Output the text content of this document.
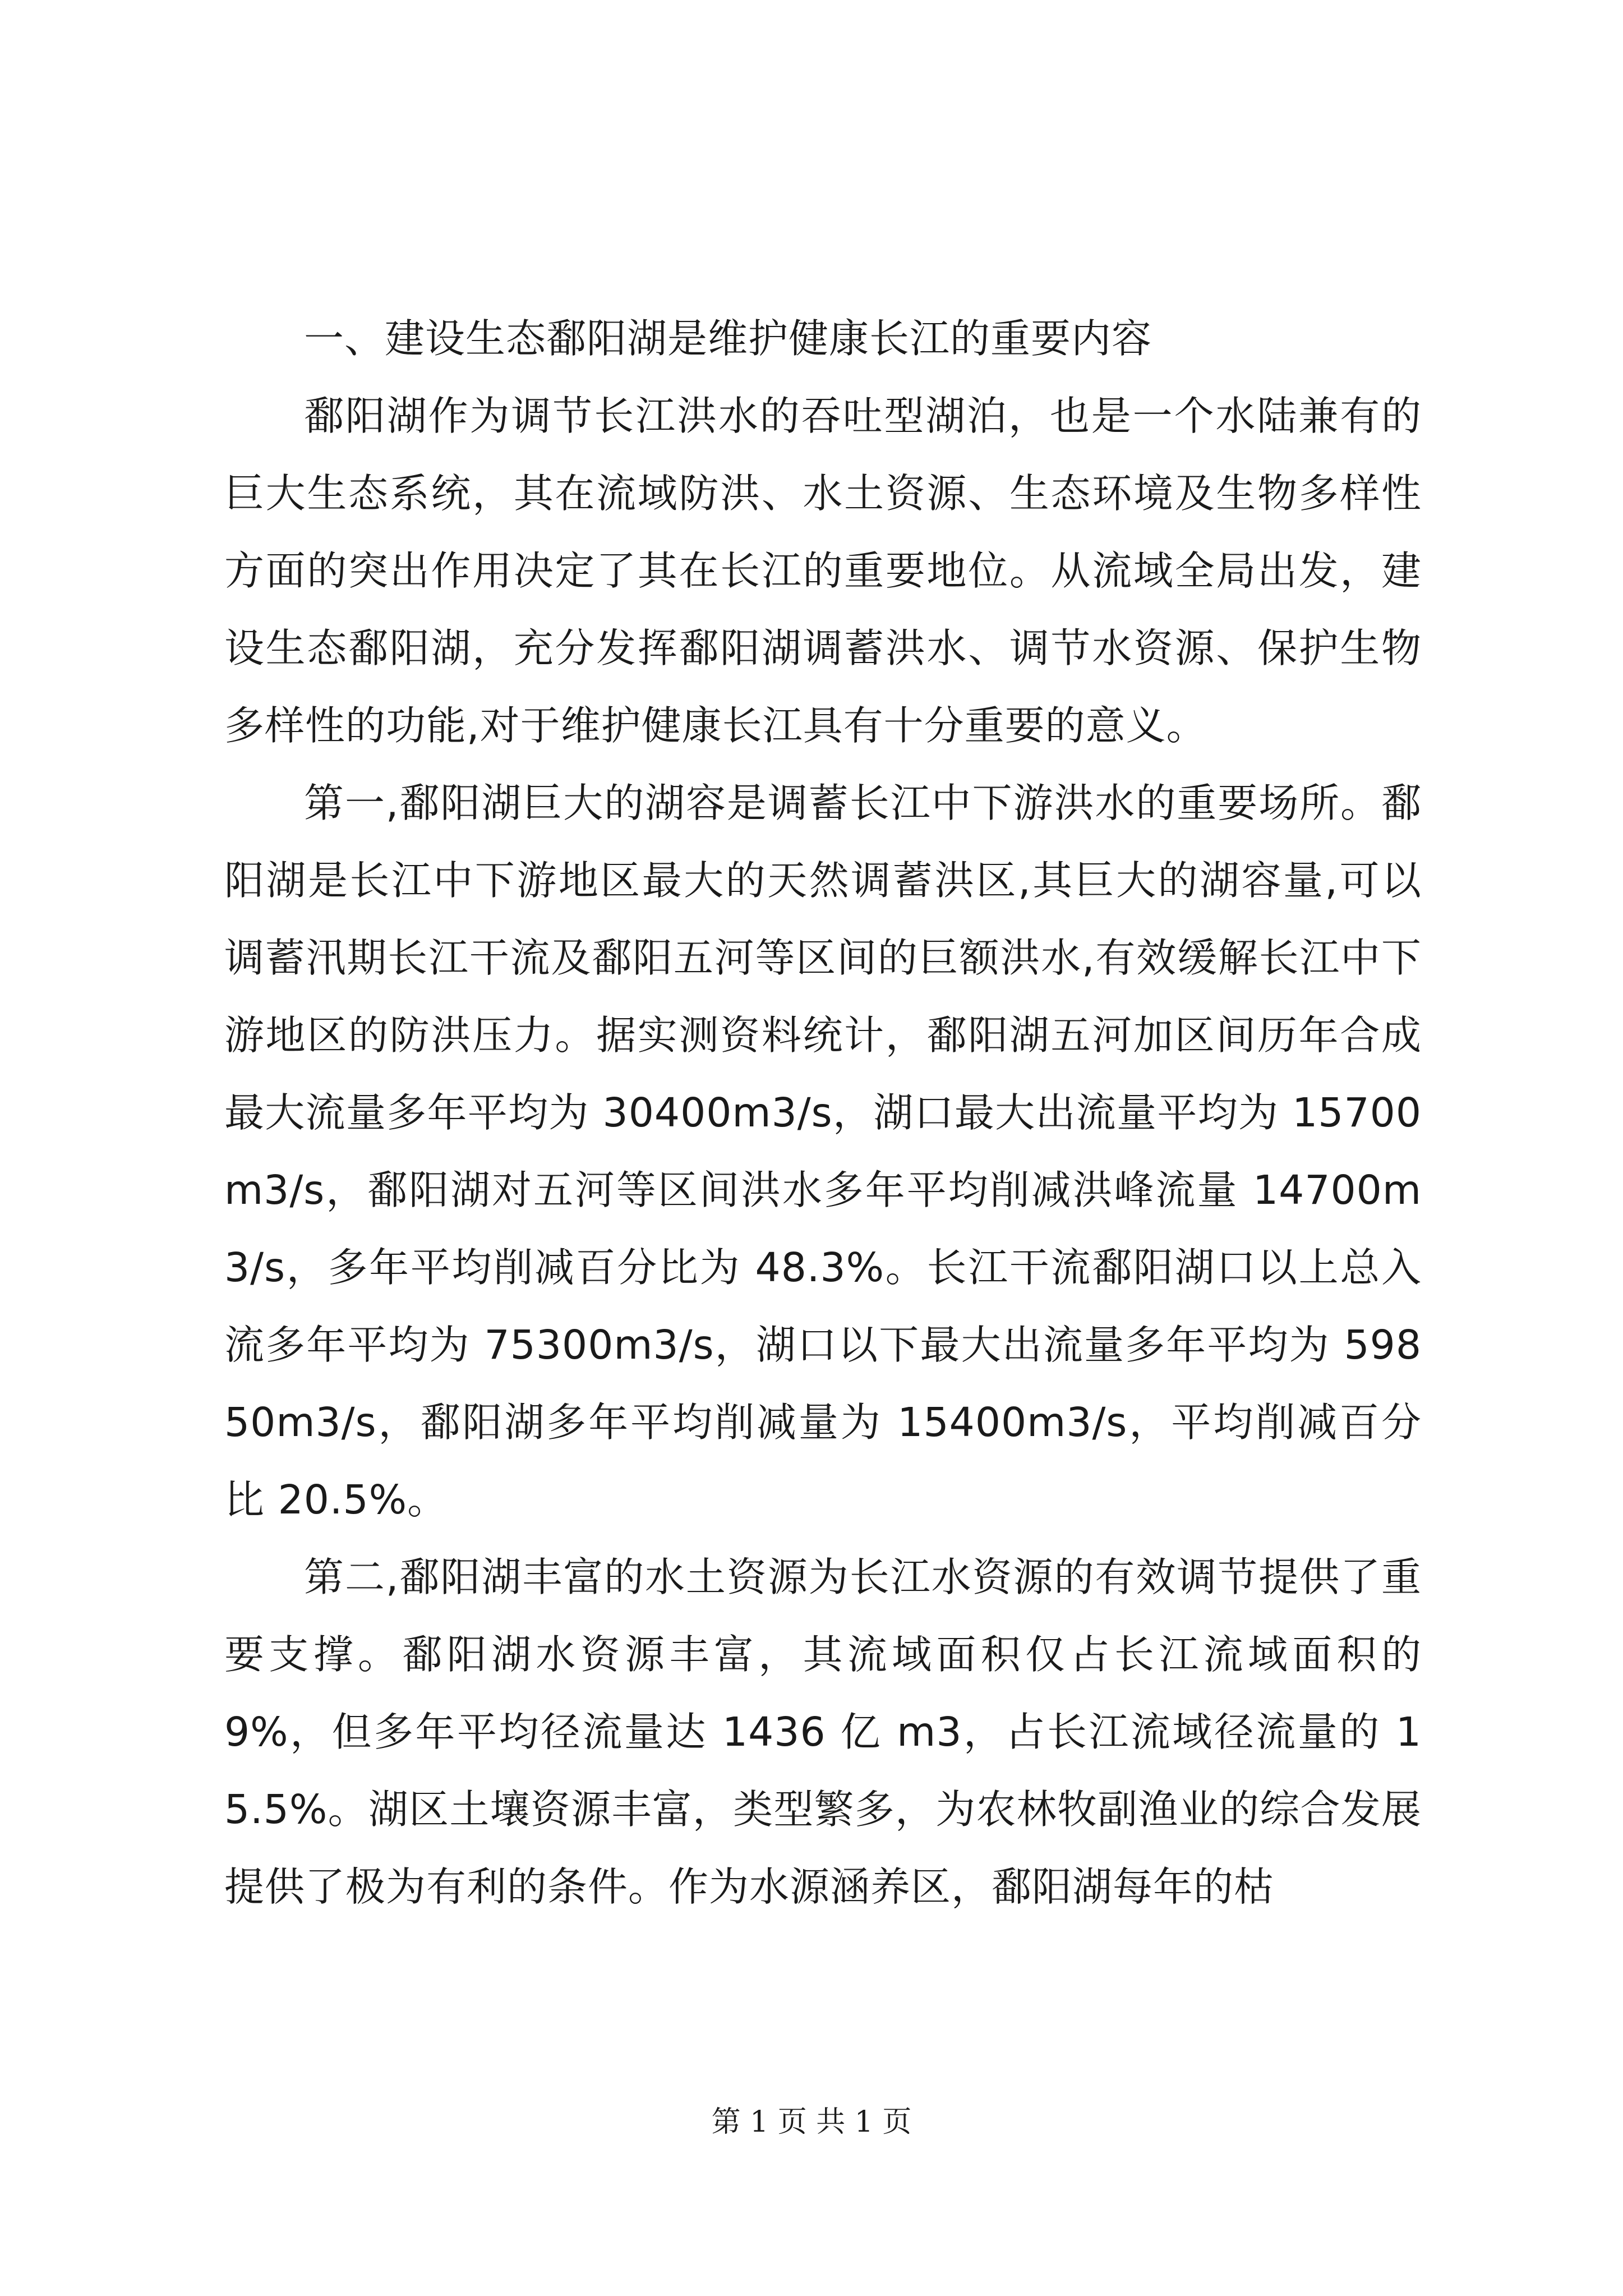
一、建设生态鄱阳湖是维护健康长江的重要内容

鄱阳湖作为调节长江洪水的吞吐型湖泊，也是一个水陆兼有的巨大生态系统，其在流域防洪、水土资源、生态环境及生物多样性方面的突出作用决定了其在长江的重要地位。从流域全局出发，建设生态鄱阳湖，充分发挥鄱阳湖调蓄洪水、调节水资源、保护生物多样性的功能,对于维护健康长江具有十分重要的意义。

第一,鄱阳湖巨大的湖容是调蓄长江中下游洪水的重要场所。鄱阳湖是长江中下游地区最大的天然调蓄洪区,其巨大的湖容量,可以调蓄汛期长江干流及鄱阳五河等区间的巨额洪水,有效缓解长江中下游地区的防洪压力。据实测资料统计，鄱阳湖五河加区间历年合成最大流量多年平均为 30400m3/s，湖口最大出流量平均为 15700m3/s，鄱阳湖对五河等区间洪水多年平均削减洪峰流量 14700m3/s，多年平均削减百分比为 48.3%。长江干流鄱阳湖口以上总入流多年平均为 75300m3/s，湖口以下最大出流量多年平均为 59850m3/s，鄱阳湖多年平均削减量为 15400m3/s，平均削减百分比 20.5%。

第二,鄱阳湖丰富的水土资源为长江水资源的有效调节提供了重要支撑。鄱阳湖水资源丰富，其流域面积仅占长江流域面积的 9%，但多年平均径流量达 1436 亿 m3，占长江流域径流量的 15.5%。湖区土壤资源丰富，类型繁多，为农林牧副渔业的综合发展提供了极为有利的条件。作为水源涵养区，鄱阳湖每年的枯

第 1 页 共 1 页
